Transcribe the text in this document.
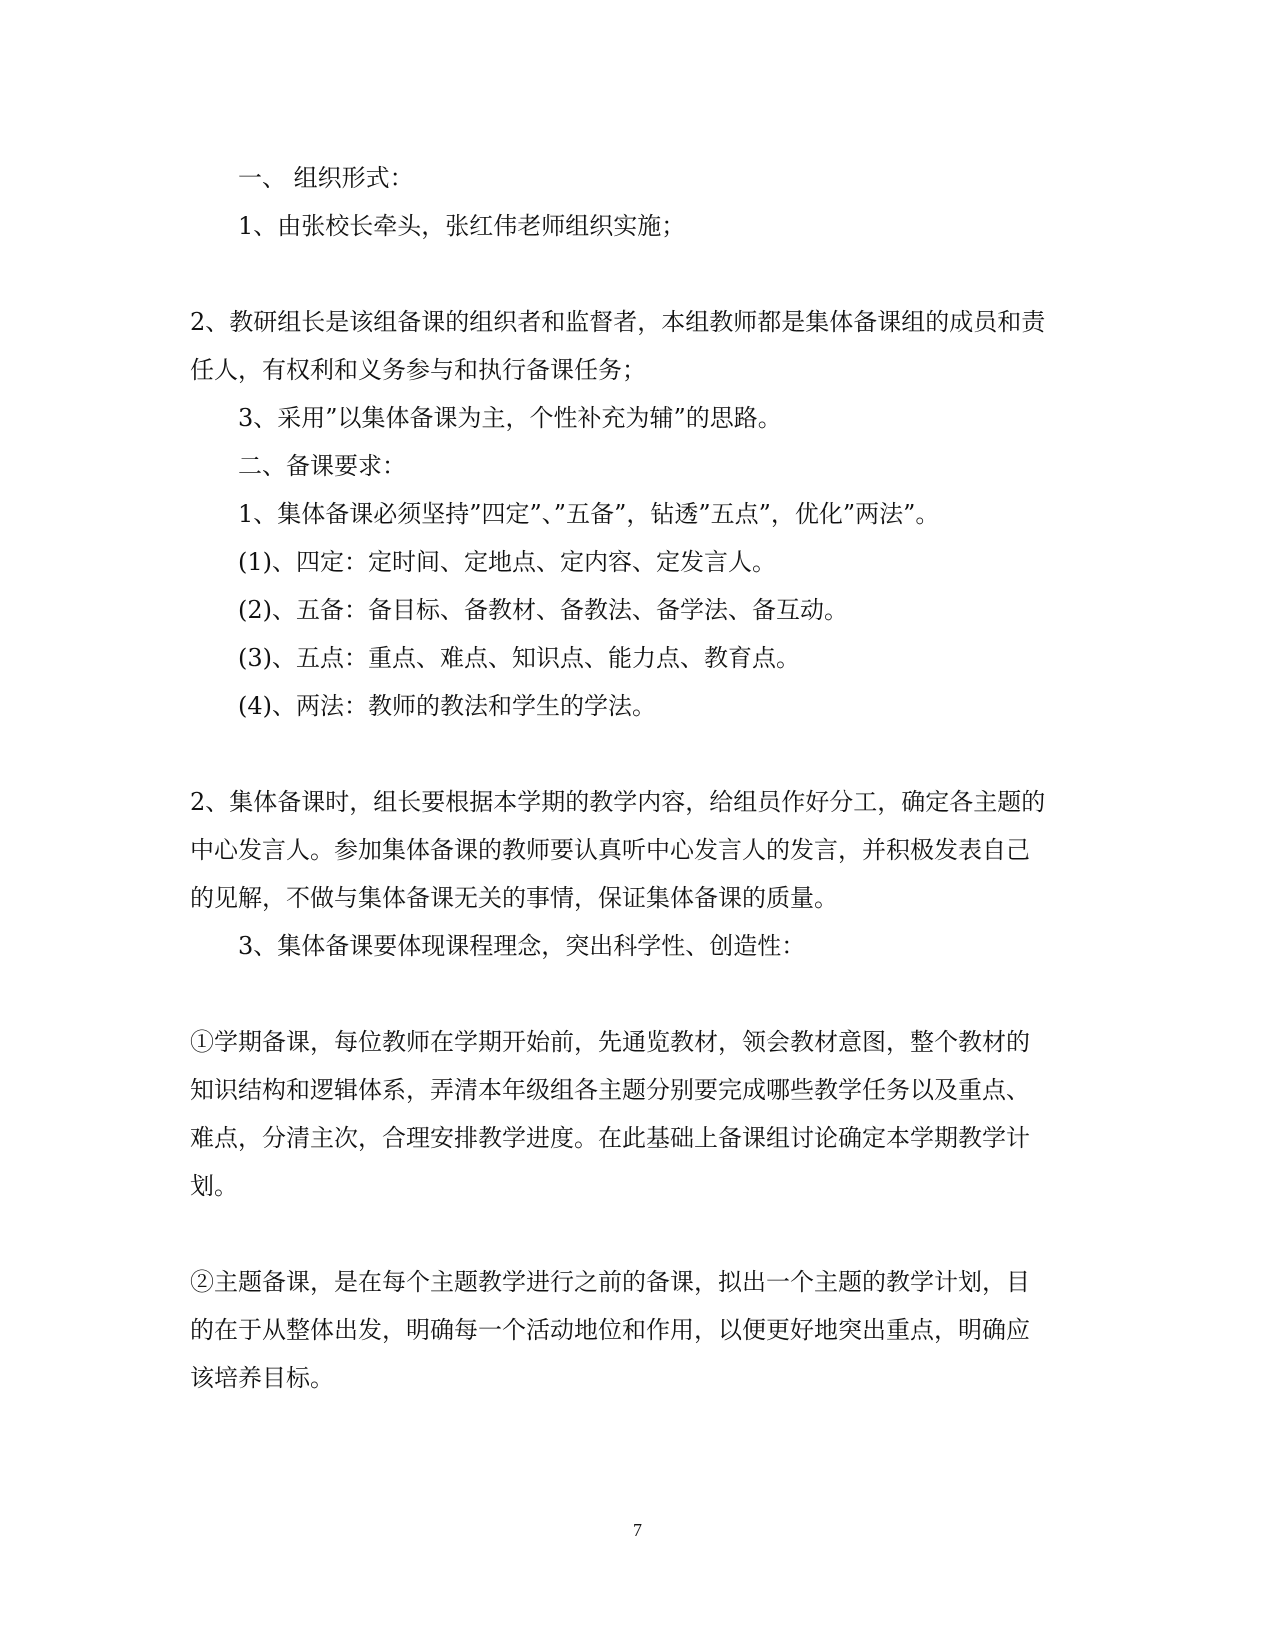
一、 组织形式：
1、由张校长牵头，张红伟老师组织实施；
2、教研组长是该组备课的组织者和监督者，本组教师都是集体备课组的成员和责
任人，有权利和义务参与和执行备课任务；
3、采用”以集体备课为主，个性补充为辅”的思路。
二、备课要求：
1、集体备课必须坚持”四定”、”五备”，钻透”五点”，优化”两法”。
(1)、四定：定时间、定地点、定内容、定发言人。
(2)、五备：备目标、备教材、备教法、备学法、备互动。
(3)、五点：重点、难点、知识点、能力点、教育点。
(4)、两法：教师的教法和学生的学法。
2、集体备课时，组长要根据本学期的教学内容，给组员作好分工，确定各主题的
中心发言人。参加集体备课的教师要认真听中心发言人的发言，并积极发表自己
的见解，不做与集体备课无关的事情，保证集体备课的质量。
3、集体备课要体现课程理念，突出科学性、创造性：
①学期备课，每位教师在学期开始前，先通览教材，领会教材意图，整个教材的
知识结构和逻辑体系，弄清本年级组各主题分别要完成哪些教学任务以及重点、
难点，分清主次，合理安排教学进度。在此基础上备课组讨论确定本学期教学计
划。
②主题备课，是在每个主题教学进行之前的备课，拟出一个主题的教学计划，目
的在于从整体出发，明确每一个活动地位和作用，以便更好地突出重点，明确应
该培养目标。
7
